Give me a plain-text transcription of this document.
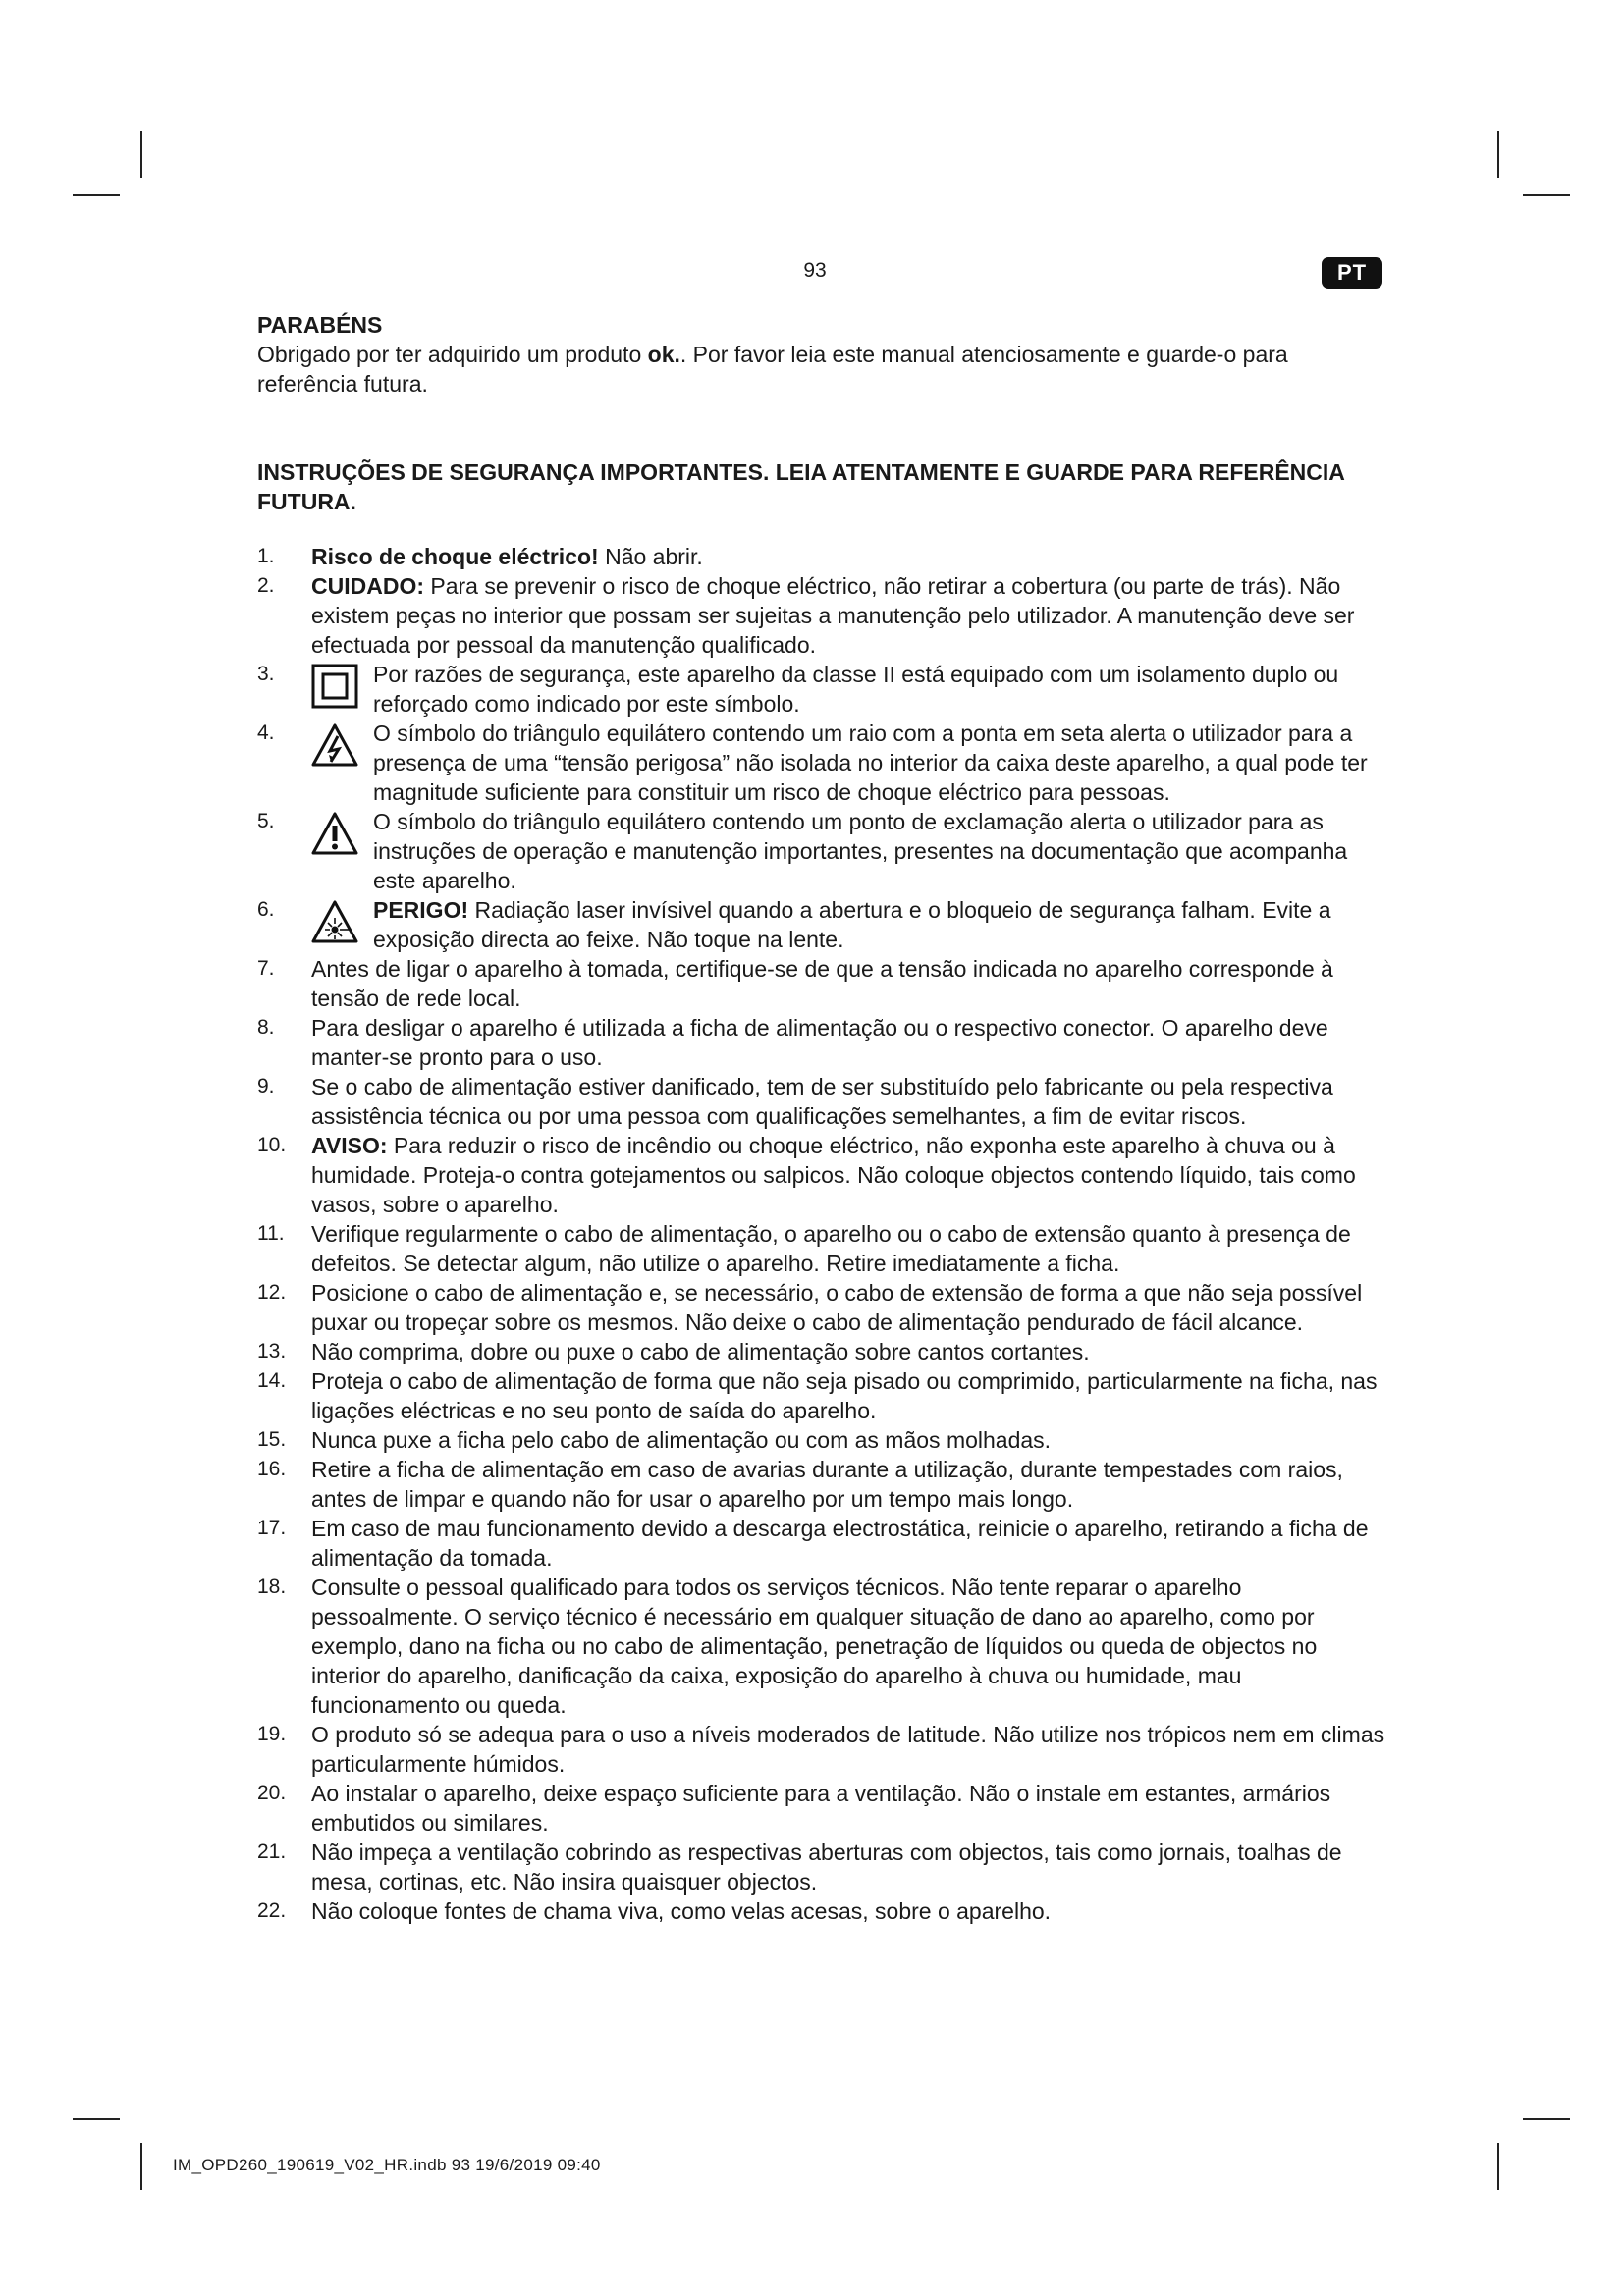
93	PT

PARABÉNS

Obrigado por ter adquirido um produto ok.. Por favor leia este manual atenciosamente e guarde-o para referência futura.

INSTRUÇÕES DE SEGURANÇA IMPORTANTES. LEIA ATENTAMENTE E GUARDE PARA REFERÊNCIA FUTURA.

1. Risco de choque eléctrico! Não abrir.
2. CUIDADO: Para se prevenir o risco de choque eléctrico, não retirar a cobertura (ou parte de trás). Não existem peças no interior que possam ser sujeitas a manutenção pelo utilizador. A manutenção deve ser efectuada por pessoal da manutenção qualificado.
3.	Por razões de segurança, este aparelho da classe II está equipado com um isolamento duplo ou reforçado como indicado por este símbolo.
4.	O símbolo do triângulo equilátero contendo um raio com a ponta em seta alerta o utilizador para a presença de uma “tensão perigosa” não isolada no interior da caixa deste aparelho, a qual pode ter magnitude suficiente para constituir um risco de choque eléctrico para pessoas.
5.	O símbolo do triângulo equilátero contendo um ponto de exclamação alerta o utilizador para as instruções de operação e manutenção importantes, presentes na documentação que acompanha este aparelho.
6.	PERIGO! Radiação laser invísivel quando a abertura e o bloqueio de segurança falham. Evite a exposição directa ao feixe. Não toque na lente.
7. Antes de ligar o aparelho à tomada, certifique-se de que a tensão indicada no aparelho corresponde à tensão de rede local.
8. Para desligar o aparelho é utilizada a ficha de alimentação ou o respectivo conector. O aparelho deve manter-se pronto para o uso.
9. Se o cabo de alimentação estiver danificado, tem de ser substituído pelo fabricante ou pela respectiva assistência técnica ou por uma pessoa com qualificações semelhantes, a fim de evitar riscos.
10. AVISO: Para reduzir o risco de incêndio ou choque eléctrico, não exponha este aparelho à chuva ou à humidade. Proteja-o contra gotejamentos ou salpicos. Não coloque objectos contendo líquido, tais como vasos, sobre o aparelho.
11. Verifique regularmente o cabo de alimentação, o aparelho ou o cabo de extensão quanto à presença de defeitos. Se detectar algum, não utilize o aparelho. Retire imediatamente a ficha.
12. Posicione o cabo de alimentação e, se necessário, o cabo de extensão de forma a que não seja possível puxar ou tropeçar sobre os mesmos. Não deixe o cabo de alimentação pendurado de fácil alcance.
13. Não comprima, dobre ou puxe o cabo de alimentação sobre cantos cortantes.
14. Proteja o cabo de alimentação de forma que não seja pisado ou comprimido, particularmente na ficha, nas ligações eléctricas e no seu ponto de saída do aparelho.
15. Nunca puxe a ficha pelo cabo de alimentação ou com as mãos molhadas.
16. Retire a ficha de alimentação em caso de avarias durante a utilização, durante tempestades com raios, antes de limpar e quando não for usar o aparelho por um tempo mais longo.
17. Em caso de mau funcionamento devido a descarga electrostática, reinicie o aparelho, retirando a ficha de alimentação da tomada.
18. Consulte o pessoal qualificado para todos os serviços técnicos. Não tente reparar o aparelho pessoalmente. O serviço técnico é necessário em qualquer situação de dano ao aparelho, como por exemplo, dano na ficha ou no cabo de alimentação, penetração de líquidos ou queda de objectos no interior do aparelho, danificação da caixa, exposição do aparelho à chuva ou humidade, mau funcionamento ou queda.
19. O produto só se adequa para o uso a níveis moderados de latitude. Não utilize nos trópicos nem em climas particularmente húmidos.
20. Ao instalar o aparelho, deixe espaço suficiente para a ventilação. Não o instale em estantes, armários embutidos ou similares.
21. Não impeça a ventilação cobrindo as respectivas aberturas com objectos, tais como jornais, toalhas de mesa, cortinas, etc. Não insira quaisquer objectos.
22. Não coloque fontes de chama viva, como velas acesas, sobre o aparelho.
IM_OPD260_190619_V02_HR.indb 93 19/6/2019 09:40
